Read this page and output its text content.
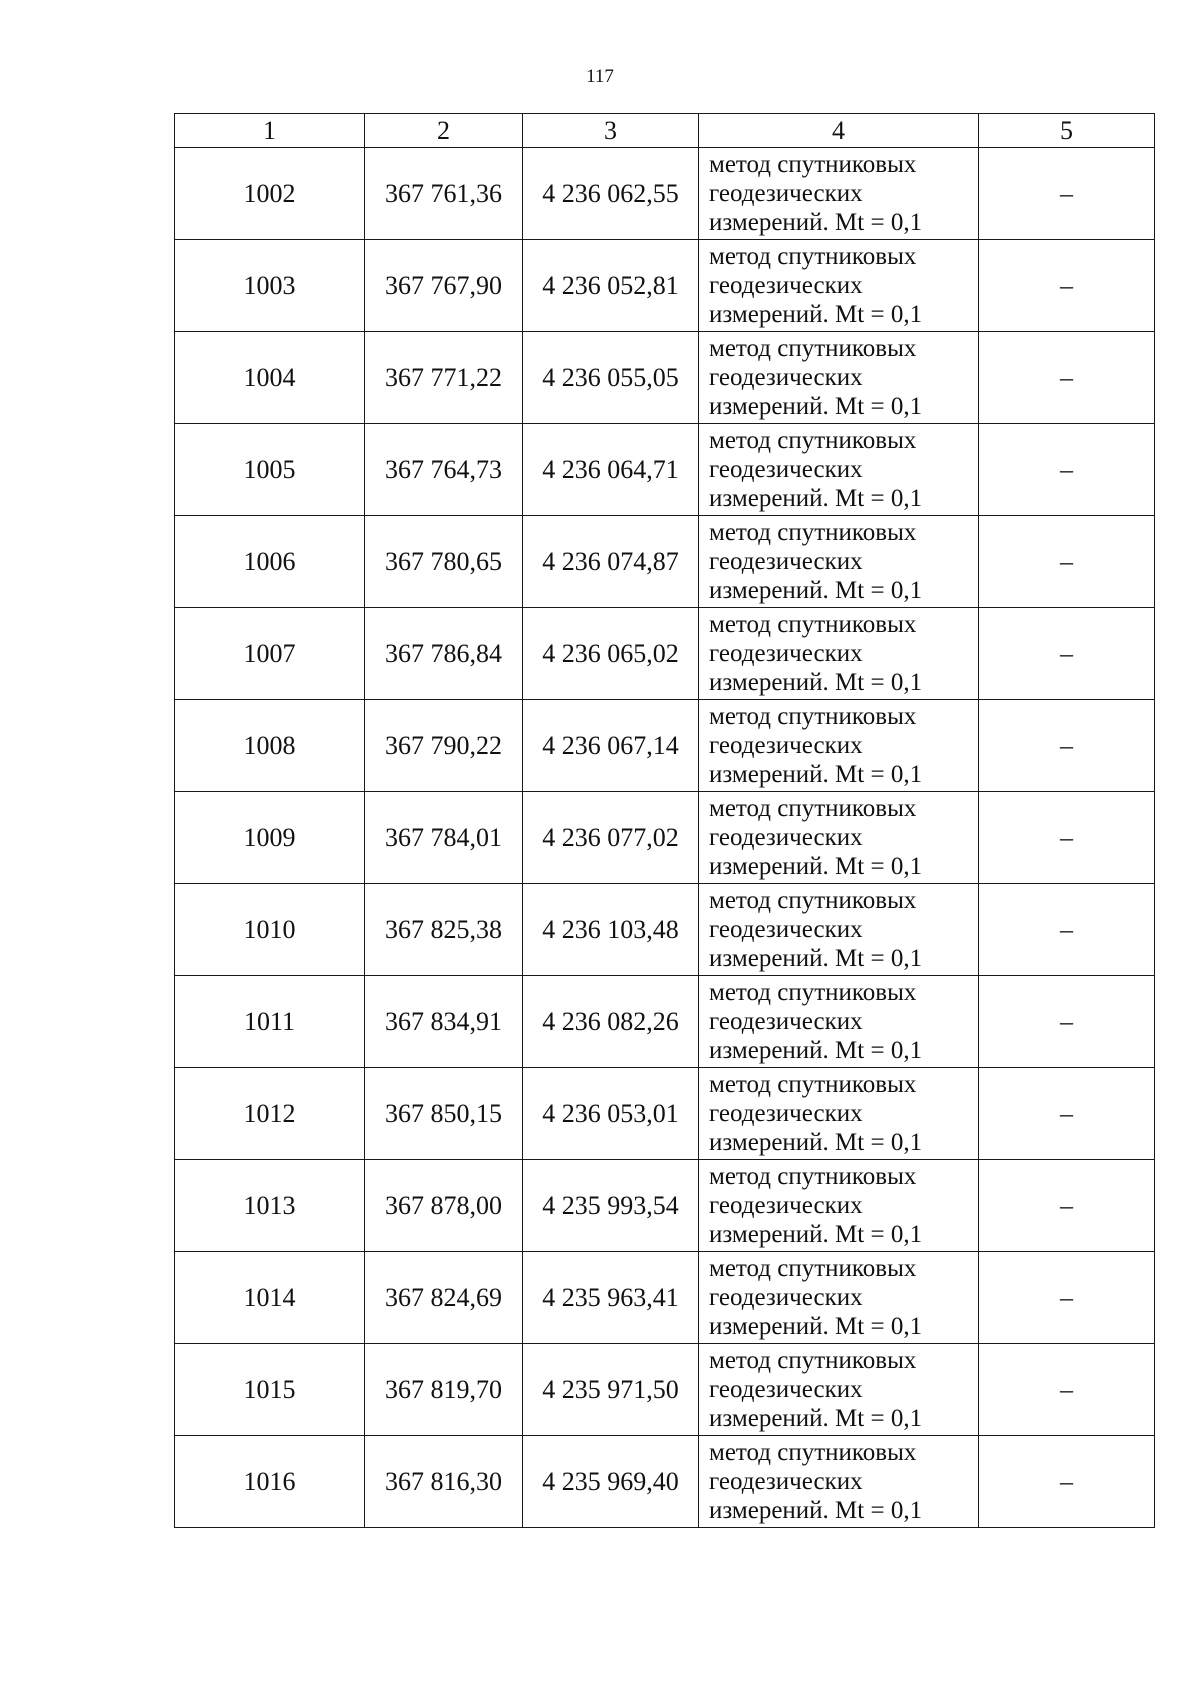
117
1	2	3	4	5
1002	367 761,36	4 236 062,55	метод спутниковых
геодезических
измерений. Mt = 0,1	–
1003	367 767,90	4 236 052,81	метод спутниковых
геодезических
измерений. Mt = 0,1	–
1004	367 771,22	4 236 055,05	метод спутниковых
геодезических
измерений. Mt = 0,1	–
1005	367 764,73	4 236 064,71	метод спутниковых
геодезических
измерений. Mt = 0,1	–
1006	367 780,65	4 236 074,87	метод спутниковых
геодезических
измерений. Mt = 0,1	–
1007	367 786,84	4 236 065,02	метод спутниковых
геодезических
измерений. Mt = 0,1	–
1008	367 790,22	4 236 067,14	метод спутниковых
геодезических
измерений. Mt = 0,1	–
1009	367 784,01	4 236 077,02	метод спутниковых
геодезических
измерений. Mt = 0,1	–
1010	367 825,38	4 236 103,48	метод спутниковых
геодезических
измерений. Mt = 0,1	–
1011	367 834,91	4 236 082,26	метод спутниковых
геодезических
измерений. Mt = 0,1	–
1012	367 850,15	4 236 053,01	метод спутниковых
геодезических
измерений. Mt = 0,1	–
1013	367 878,00	4 235 993,54	метод спутниковых
геодезических
измерений. Mt = 0,1	–
1014	367 824,69	4 235 963,41	метод спутниковых
геодезических
измерений. Mt = 0,1	–
1015	367 819,70	4 235 971,50	метод спутниковых
геодезических
измерений. Mt = 0,1	–
1016	367 816,30	4 235 969,40	метод спутниковых
геодезических
измерений. Mt = 0,1	–
